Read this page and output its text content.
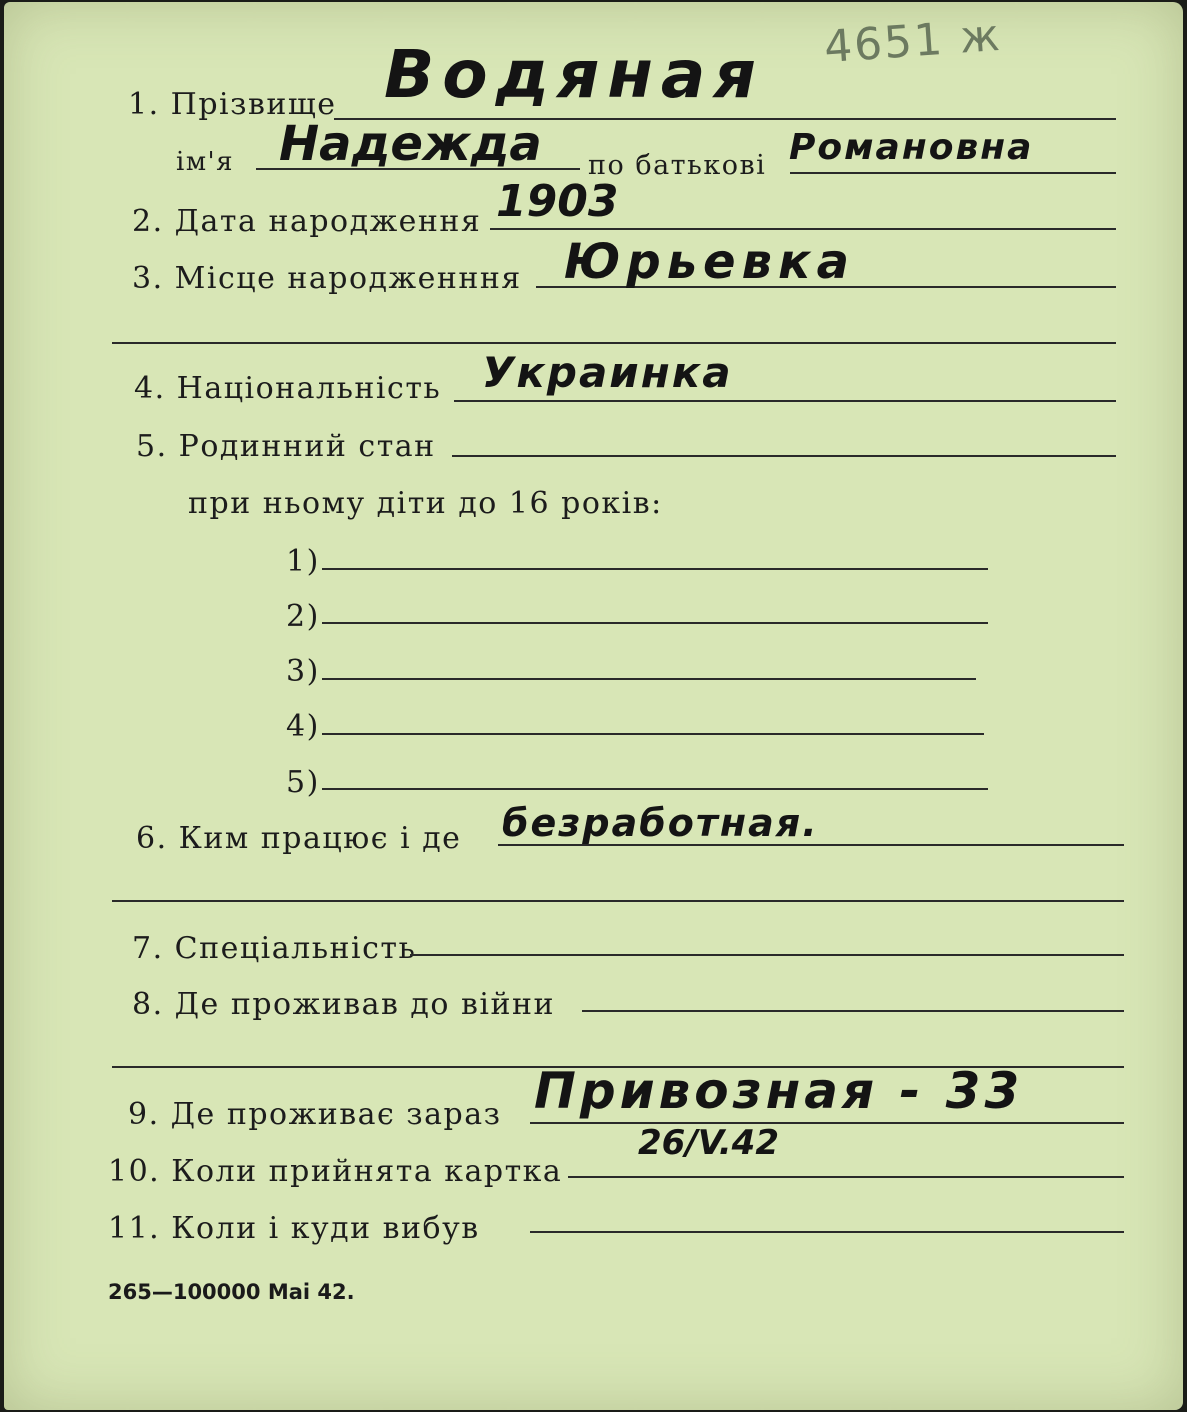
4651 ж
1. Прізвище Водяная
ім'я Надежда по батькові Романовна
2. Дата народження 1903
3. Місце народженння Юрьевка
4. Національність Украинка
5. Родинний стан
при ньому діти до 16 років:
1)
2)
3)
4)
5)
6. Ким працює і де безработная.
7. Спеціальність
8. Де проживав до війни
9. Де проживає зараз Привозная - 33
10. Коли прийнята картка
26/V.42
11. Коли і куди вибув
265—100000 Маі 42.
